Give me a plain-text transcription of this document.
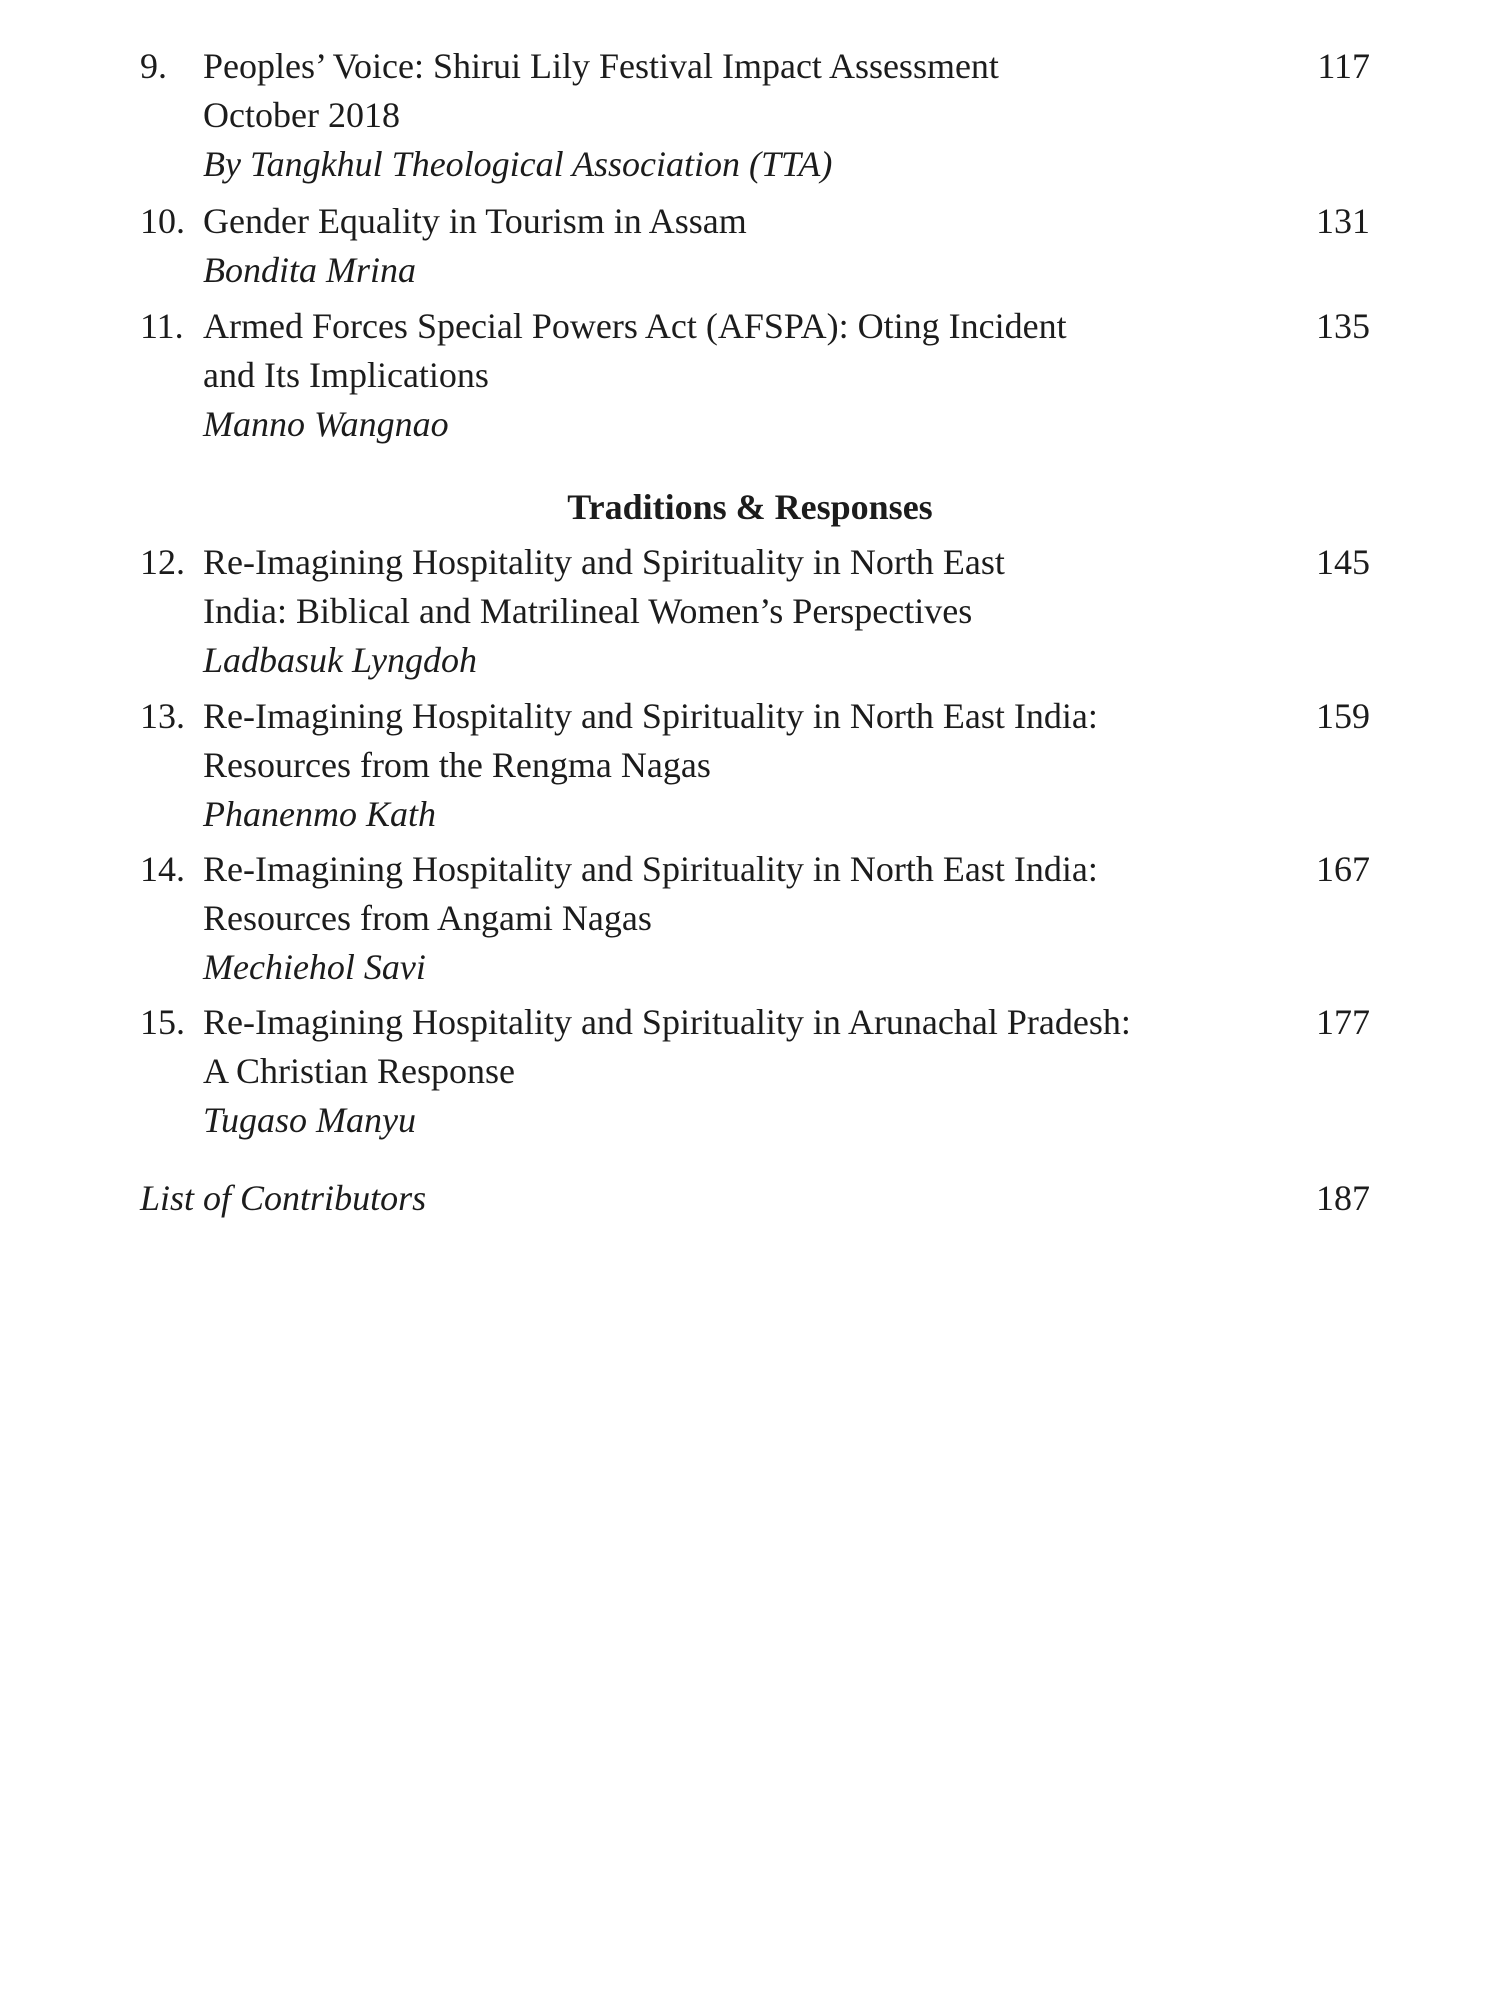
9. Peoples’ Voice: Shirui Lily Festival Impact Assessment
October 2018
By Tangkhul Theological Association (TTA)
117
10. Gender Equality in Tourism in Assam
Bondita Mrina
131
11. Armed Forces Special Powers Act (AFSPA): Oting Incident
and Its Implications
Manno Wangnao
135
Traditions & Responses
12. Re-Imagining Hospitality and Spirituality in North East
India: Biblical and Matrilineal Women’s Perspectives
Ladbasuk Lyngdoh
145
13. Re-Imagining Hospitality and Spirituality in North East India:
Resources from the Rengma Nagas
Phanenmo Kath
159
14. Re-Imagining Hospitality and Spirituality in North East India:
Resources from Angami Nagas
Mechiehol Savi
167
15. Re-Imagining Hospitality and Spirituality in Arunachal Pradesh:
A Christian Response
Tugaso Manyu
177
List of Contributors	187
